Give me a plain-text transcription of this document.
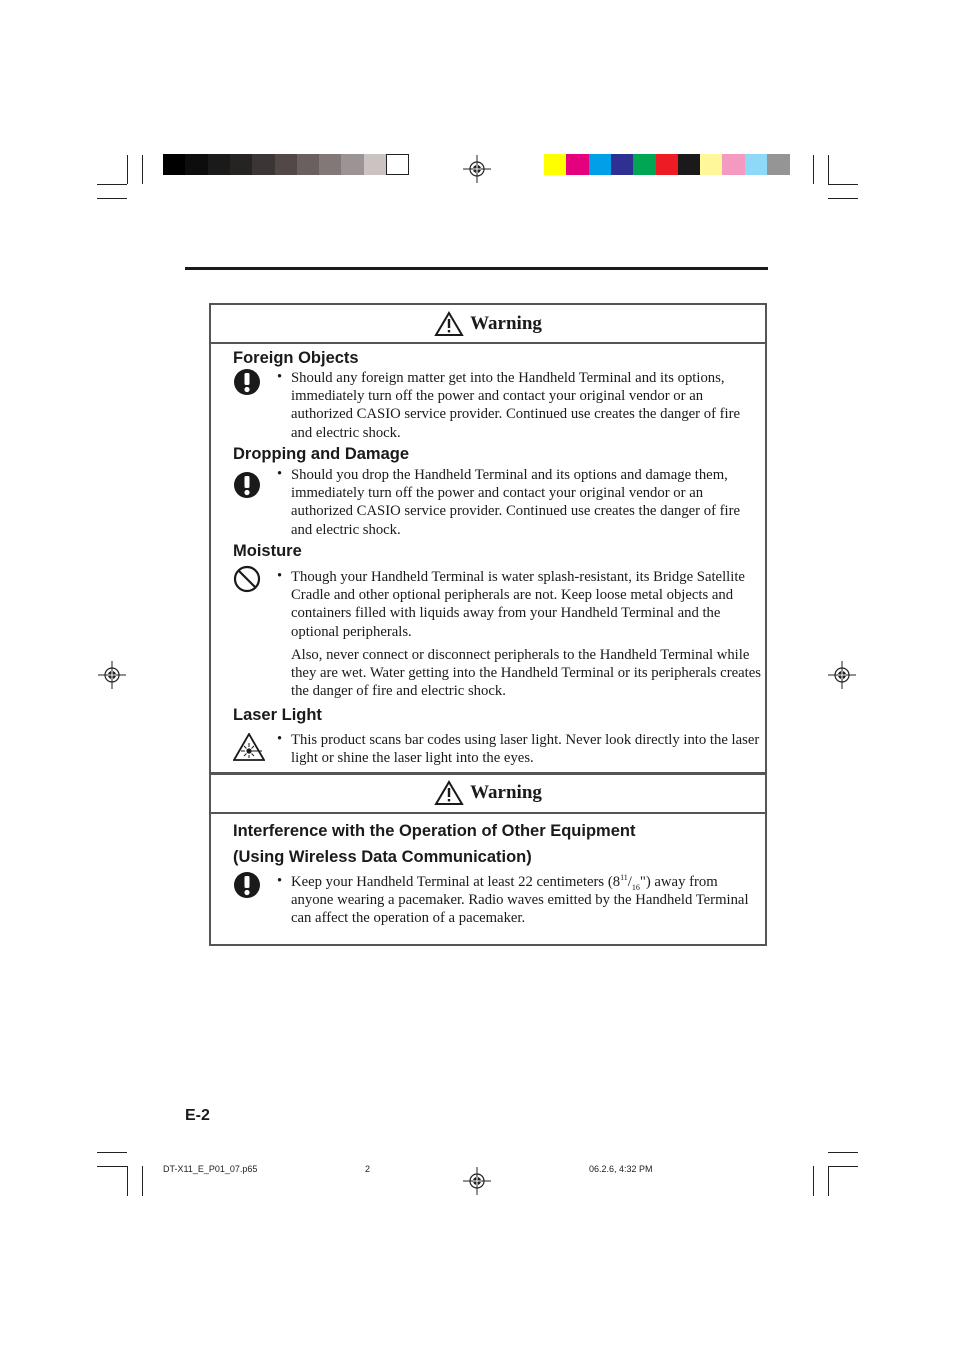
Warning
Foreign Objects
• Should any foreign matter get into the Handheld Terminal and its options, immediately turn off the power and contact your original vendor or an authorized CASIO service provider. Continued use creates the danger of fire and electric shock.
Dropping and Damage
• Should you drop the Handheld Terminal and its options and damage them, immediately turn off the power and contact your original vendor or an authorized CASIO service provider. Continued use creates the danger of fire and electric shock.
Moisture
• Though your Handheld Terminal is water splash-resistant, its Bridge Satellite Cradle and other optional peripherals are not. Keep loose metal objects and containers filled with liquids away from your Handheld Terminal and the optional peripherals.
Also, never connect or disconnect peripherals to the Handheld Terminal while they are wet. Water getting into the Handheld Terminal or its peripherals creates the danger of fire and electric shock.
Laser Light
• This product scans bar codes using laser light. Never look directly into the laser light or shine the laser light into the eyes.
Warning
Interference with the Operation of Other Equipment
(Using Wireless Data Communication)
• Keep your Handheld Terminal at least 22 centimeters $(8^{11}/_{16}")$ away from anyone wearing a pacemaker. Radio waves emitted by the Handheld Terminal can affect the operation of a pacemaker.
E-2
DT-X11_E_P01_07.p65	2	06.2.6, 4:32 PM
